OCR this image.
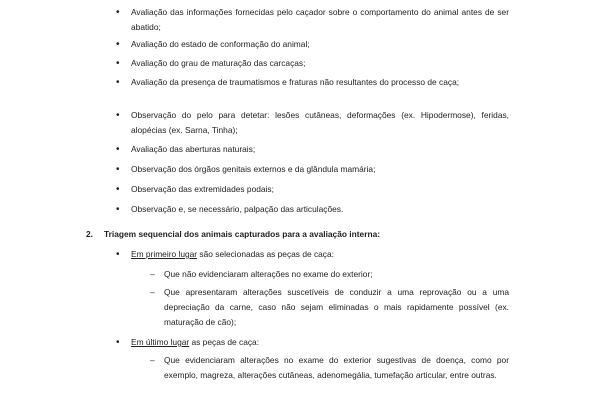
• Avaliação das informações fornecidas pelo caçador sobre o comportamento do animal antes de ser abatido;
• Avaliação do estado de conformação do animal;
• Avaliação do grau de maturação das carcaças;
• Avaliação da presença de traumatismos e fraturas não resultantes do processo de caça;
• Observação do pelo para detetar: lesões cutâneas, deformações (ex. Hipodermose), feridas, alopécias (ex. Sarna, Tinha);
• Avaliação das aberturas naturais;
• Observação dos órgãos genitais externos e da glândula mamária;
• Observação das extremidades podais;
• Observação e, se necessário, palpação das articulações.
2. Triagem sequencial dos animais capturados para a avaliação interna:
• Em primeiro lugar são selecionadas as peças de caça:
– Que não evidenciaram alterações no exame do exterior;
– Que apresentaram alterações suscetíveis de conduzir a uma reprovação ou a uma depreciação da carne, caso não sejam eliminadas o mais rapidamente possível (ex. maturação de cão);
• Em último lugar as peças de caça:
– Que evidenciaram alterações no exame do exterior sugestivas de doença, como por exemplo, magreza, alterações cutâneas, adenomegália, tumefação articular, entre outras.
